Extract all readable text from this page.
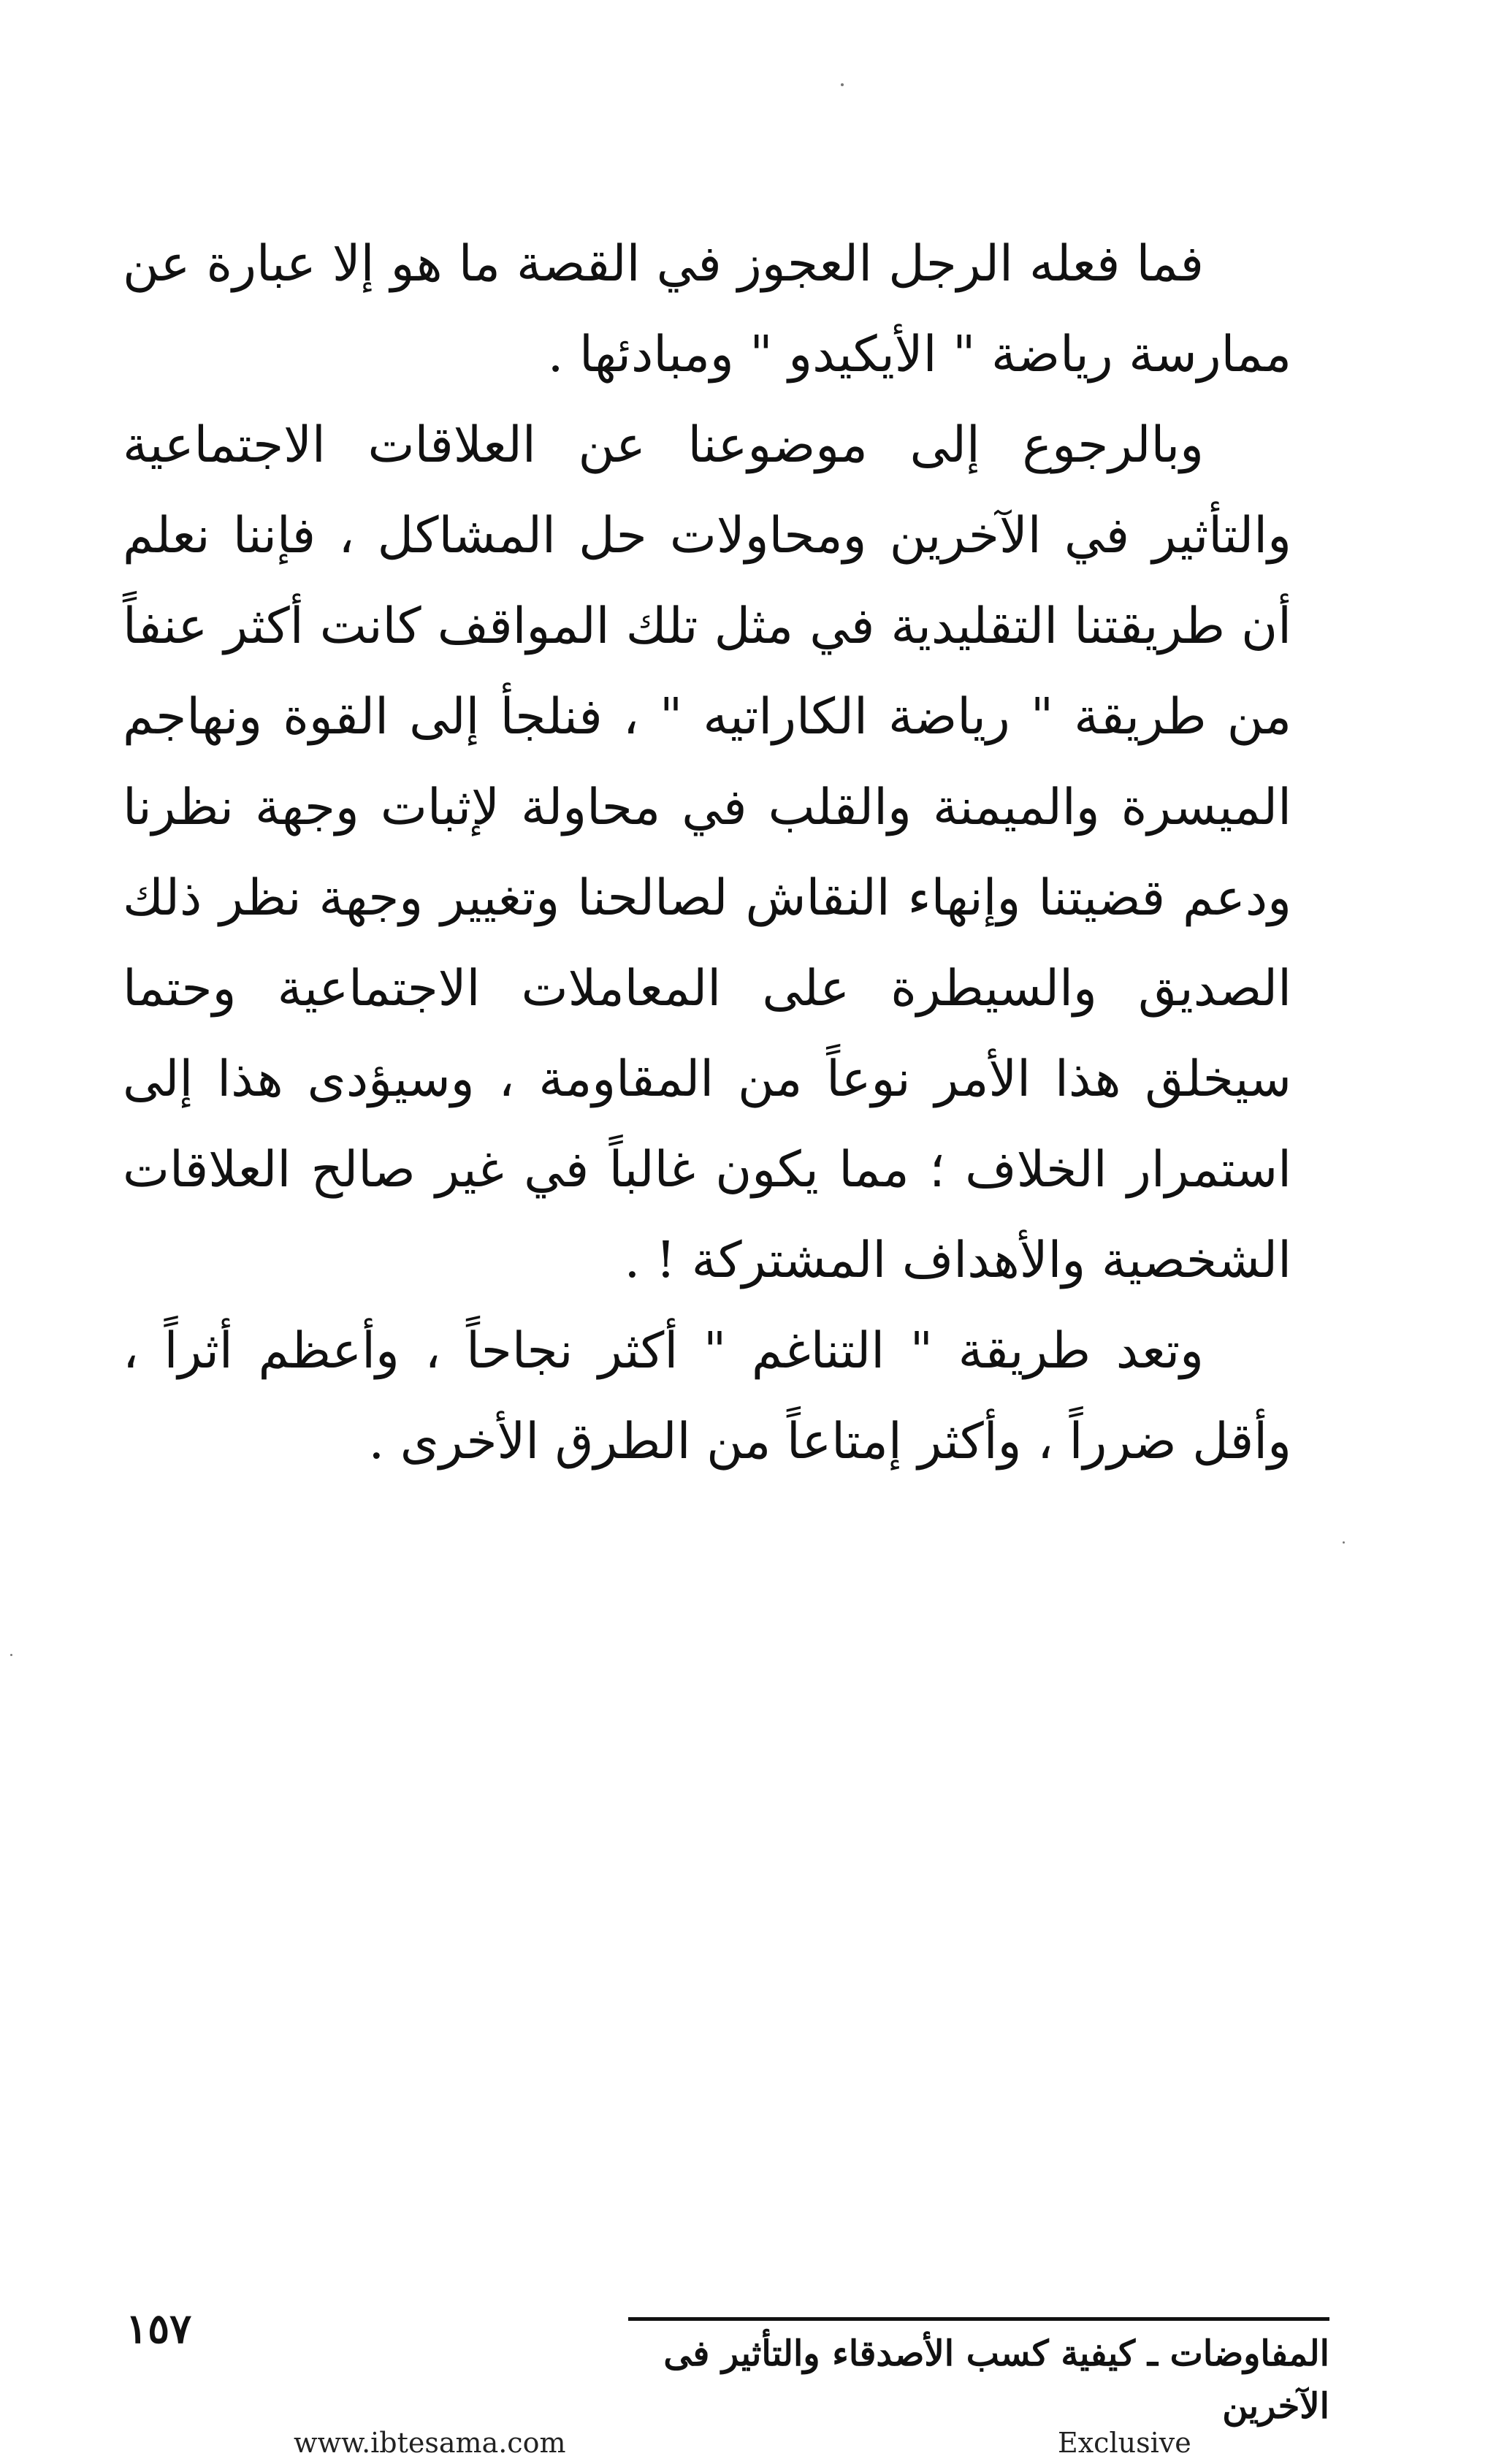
فما فعله الرجل العجوز في القصة ما هو إلا عبارة عن ممارسة رياضة " الأيكيدو " ومبادئها .

وبالرجوع إلى موضوعنا عن العلاقات الاجتماعية والتأثير في الآخرين ومحاولات حل المشاكل ، فإننا نعلم أن طريقتنا التقليدية في مثل تلك المواقف كانت أكثر عنفاً من طريقة " رياضة الكاراتيه " ، فنلجأ إلى القوة ونهاجم الميسرة والميمنة والقلب في محاولة لإثبات وجهة نظرنا ودعم قضيتنا وإنهاء النقاش لصالحنا وتغيير وجهة نظر ذلك الصديق والسيطرة على المعاملات الاجتماعية وحتما سيخلق هذا الأمر نوعاً من المقاومة ، وسيؤدى هذا إلى استمرار الخلاف ؛ مما يكون غالباً في غير صالح العلاقات الشخصية والأهداف المشتركة ! .

وتعد طريقة " التناغم " أكثر نجاحاً ، وأعظم أثراً ، وأقل ضرراً ، وأكثر إمتاعاً من الطرق الأخرى .

المفاوضات ـ كيفية كسب الأصدقاء والتأثير فى الآخرين
١٥٧
www.ibtesama.com	Exclusive
